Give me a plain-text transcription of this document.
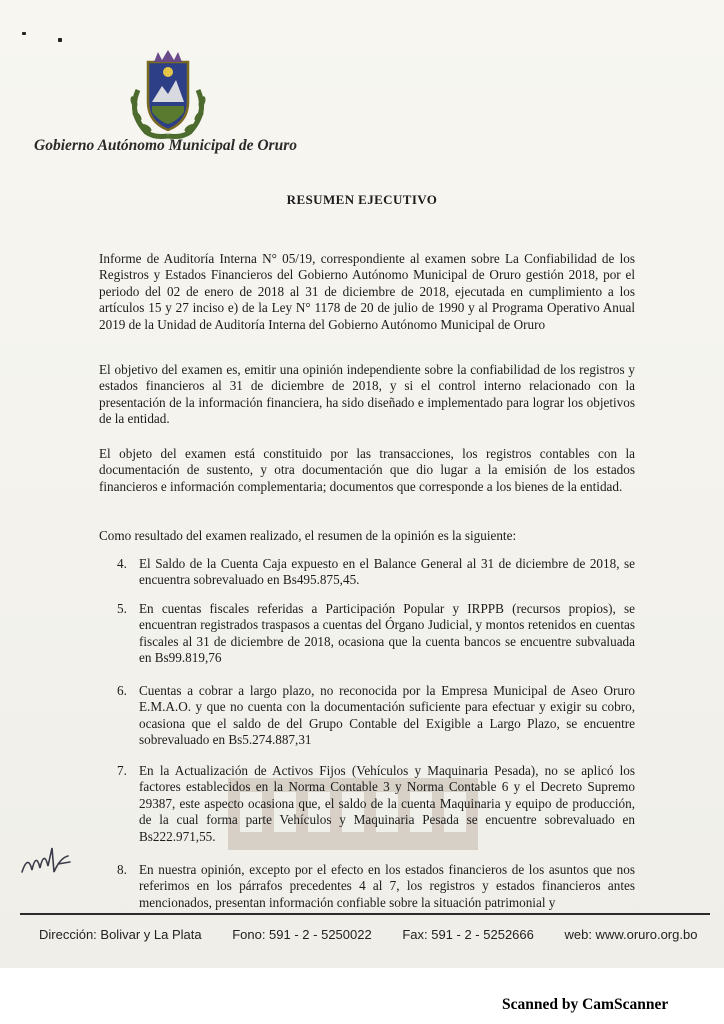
Gobierno Autónomo Municipal de Oruro
RESUMEN EJECUTIVO

Informe de Auditoría Interna N° 05/19, correspondiente al examen sobre La Confiabilidad de los Registros y Estados Financieros del Gobierno Autónomo Municipal de Oruro gestión 2018, por el periodo del 02 de enero de 2018 al 31 de diciembre de 2018, ejecutada en cumplimiento a los artículos 15 y 27 inciso e) de la Ley N° 1178 de 20 de julio de 1990 y al Programa Operativo Anual 2019 de la Unidad de Auditoría Interna del Gobierno Autónomo Municipal de Oruro

El objetivo del examen es, emitir una opinión independiente sobre la confiabilidad de los registros y estados financieros al 31 de diciembre de 2018, y si el control interno relacionado con la presentación de la información financiera, ha sido diseñado e implementado para lograr los objetivos de la entidad.

El objeto del examen está constituido por las transacciones, los registros contables con la documentación de sustento, y otra documentación que dio lugar a la emisión de los estados financieros e información complementaria; documentos que corresponde a los bienes de la entidad.

Como resultado del examen realizado, el resumen de la opinión es la siguiente:

4. El Saldo de la Cuenta Caja expuesto en el Balance General al 31 de diciembre de 2018, se encuentra sobrevaluado en Bs495.875,45.
5. En cuentas fiscales referidas a Participación Popular y IRPPB (recursos propios), se encuentran registrados traspasos a cuentas del Órgano Judicial, y montos retenidos en cuentas fiscales al 31 de diciembre de 2018, ocasiona que la cuenta bancos se encuentre subvaluada en Bs99.819,76
6. Cuentas a cobrar a largo plazo, no reconocida por la Empresa Municipal de Aseo Oruro E.M.A.O. y que no cuenta con la documentación suficiente para efectuar y exigir su cobro, ocasiona que el saldo de del Grupo Contable del Exigible a Largo Plazo, se encuentre sobrevaluado en Bs5.274.887,31
7. En la Actualización de Activos Fijos (Vehículos y Maquinaria Pesada), no se aplicó los factores establecidos en la Norma Contable 3 y Norma Contable 6 y el Decreto Supremo 29387, este aspecto ocasiona que, el saldo de la cuenta Maquinaria y equipo de producción, de la cual forma parte Vehículos y Maquinaria Pesada se encuentre sobrevaluado en Bs222.971,55.
8. En nuestra opinión, excepto por el efecto en los estados financieros de los asuntos que nos referimos en los párrafos precedentes 4 al 7, los registros y estados financieros antes mencionados, presentan información confiable sobre la situación patrimonial y
Dirección: Bolivar y La Plata Fono: 591 - 2 - 5250022 Fax: 591 - 2 - 5252666 web: www.oruro.org.bo
Scanned by CamScanner
